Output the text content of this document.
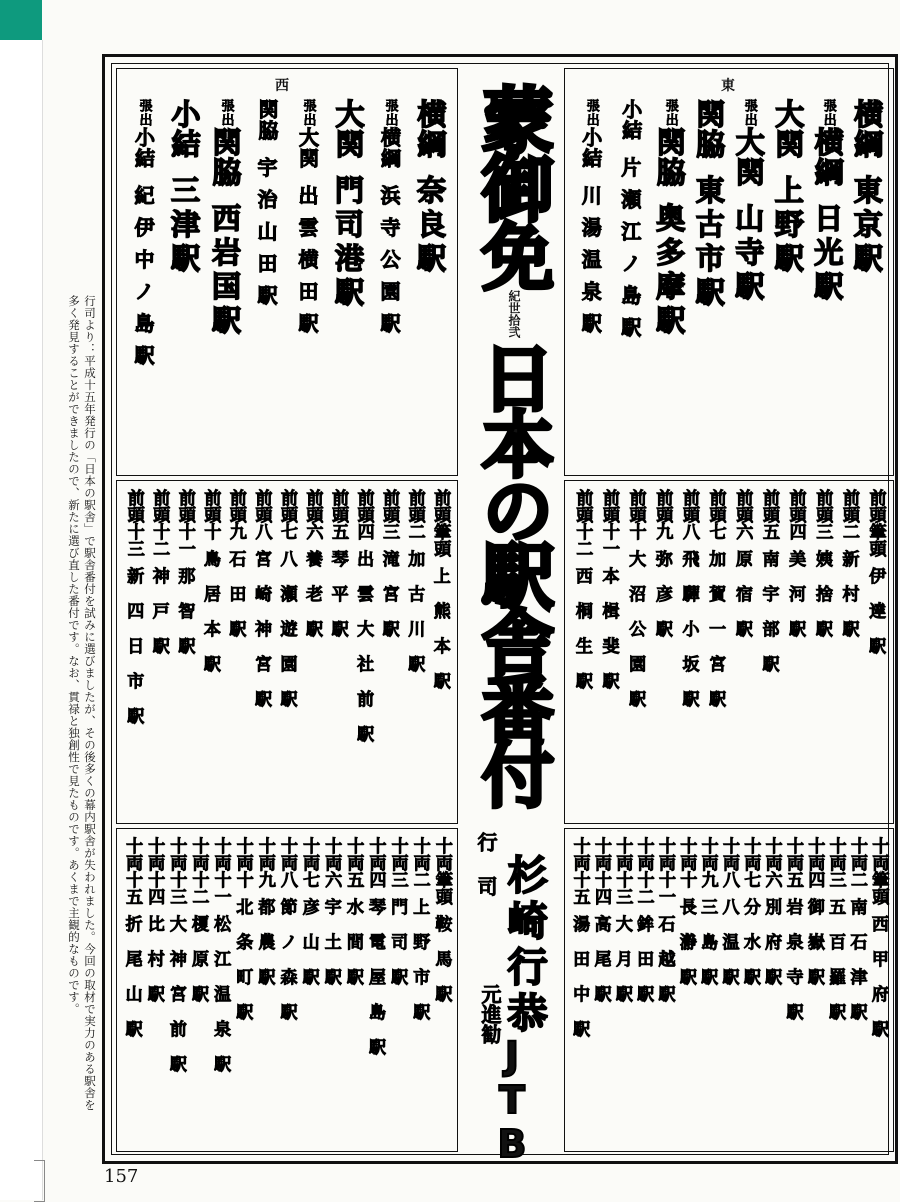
行司より：平成十五年発行の「日本の駅舎」で駅舎番付を試みに選びましたが、その後多くの幕内駅舎が失われました。今回の取材で実力のある駅舎を多く発見することができましたので、新たに選び直した番付です。なお、貫禄と独創性で見たものです。あくまで主観的なものです。
157
西
横綱
奈良駅
張出横綱
浜寺公園駅
大関
門司港駅
張出大関
出雲横田駅
関脇
宇治山田駅
張出関脇
西岩国駅
小結
三津駅
張出小結
紀伊中ノ島駅
前頭筆頭
上熊本駅
前頭二
加古川駅
前頭三
滝宮駅
前頭四
出雲大社前駅
前頭五
琴平駅
前頭六
養老駅
前頭七
八瀬遊園駅
前頭八
宮崎神宮駅
前頭九
石田駅
前頭十
鳥居本駅
前頭十一
那智駅
前頭十二
神戸駅
前頭十三
新四日市駅
十両筆頭
鞍馬駅
十両二
上野市駅
十両三
門司駅
十両四
琴電屋島駅
十両五
水間駅
十両六
宇土駅
十両七
彦山駅
十両八
節ノ森駅
十両九
都農駅
十両十
北条町駅
十両十一
松江温泉駅
十両十二
榎原駅
十両十三
大神宮前駅
十両十四
比村駅
十両十五
折尾山駅
蒙御免
紀世拾弐
日本の駅舎番付
行司 杉崎行恭
元進勧
J
T
B
東
横綱
東京駅
張出横綱
日光駅
大関
上野駅
張出大関
山寺駅
関脇
東古市駅
張出関脇
奥多摩駅
小結
片瀬江ノ島駅
張出小結
川湯温泉駅
前頭筆頭
伊達駅
前頭二
新村駅
前頭三
姨捨駅
前頭四
美河駅
前頭五
南宇部駅
前頭六
原宿駅
前頭七
加賀一宮駅
前頭八
飛驒小坂駅
前頭九
弥彦駅
前頭十
大沼公園駅
前頭十一
本楫斐駅
前頭十二
西桐生駅
十両筆頭
西甲府駅
十両二
南石津駅
十両三
五百羅駅
十両四
御嶽駅
十両五
岩泉寺駅
十両六
別府駅
十両七
分水駅
十両八
八温駅
十両九
三島駅
十両十
長瀞駅
十両十一
石越駅
十両十二
鉾田駅
十両十三
大月駅
十両十四
高尾駅
十両十五
湯田中駅
